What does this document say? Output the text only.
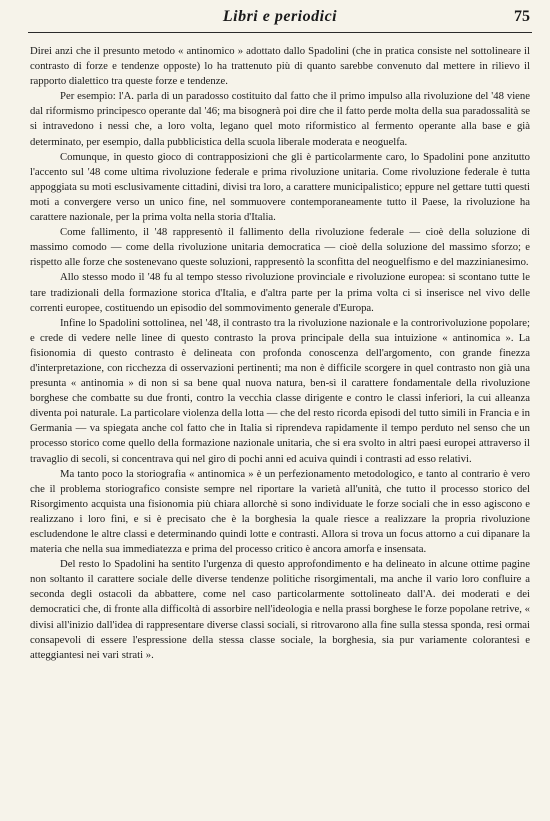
Libri e periodici	75

Direi anzi che il presunto metodo « antinomico » adottato dallo Spadolini (che in pratica consiste nel sottolineare il contrasto di forze e tendenze opposte) lo ha trattenuto più di quanto sarebbe convenuto dal mettere in rilievo il rapporto dialettico tra queste forze e tendenze.

Per esempio: l'A. parla di un paradosso costituito dal fatto che il primo impulso alla rivoluzione del '48 viene dal riformismo principesco operante dal '46; ma bisognerà poi dire che il fatto perde molta della sua paradossalità se si intravedono i nessi che, a loro volta, legano quel moto riformistico al fermento operante alla base e già determinato, per esempio, dalla pubblicistica della scuola liberale moderata e neoguelfa.

Comunque, in questo gioco di contrapposizioni che gli è particolarmente caro, lo Spadolini pone anzitutto l'accento sul '48 come ultima rivoluzione federale e prima rivoluzione unitaria. Come rivoluzione federale è tutta appoggiata su moti esclusivamente cittadini, divisi tra loro, a carattere municipalistico; eppure nel gettare tutti questi moti a convergere verso un unico fine, nel sommuovere contemporaneamente tutto il Paese, la rivoluzione ha carattere nazionale, per la prima volta nella storia d'Italia.

Come fallimento, il '48 rappresentò il fallimento della rivoluzione federale — cioè della soluzione di massimo comodo — come della rivoluzione unitaria democratica — cioè della soluzione del massimo sforzo; e rispetto alle forze che sostenevano queste soluzioni, rappresentò la sconfitta del neoguelfismo e del mazzinianesimo.

Allo stesso modo il '48 fu al tempo stesso rivoluzione provinciale e rivoluzione europea: si scontano tutte le tare tradizionali della formazione storica d'Italia, e d'altra parte per la prima volta ci si inserisce nel vivo delle correnti europee, costituendo un episodio del sommovimento generale d'Europa.

Infine lo Spadolini sottolinea, nel '48, il contrasto tra la rivoluzione nazionale e la controrivoluzione popolare; e crede di vedere nelle linee di questo contrasto la prova principale della sua intuizione « antinomica ». La fisionomia di questo contrasto è delineata con profonda conoscenza dell'argomento, con grande finezza d'interpretazione, con ricchezza di osservazioni pertinenti; ma non è difficile scorgere in quel contrasto non già una presunta « antinomia » di non si sa bene qual nuova natura, ben-sì il carattere fondamentale della rivoluzione borghese che combatte su due fronti, contro la vecchia classe dirigente e contro le classi inferiori, la cui alleanza diventa poi naturale. La particolare violenza della lotta — che del resto ricorda episodi del tutto simili in Francia e in Germania — va spiegata anche col fatto che in Italia si riprendeva rapidamente il tempo perduto nel senso che un processo storico come quello della formazione nazionale unitaria, che si era svolto in altri paesi europei attraverso il travaglio di secoli, si concentrava qui nel giro di pochi anni ed acuiva quindi i contrasti ad esso relativi.

Ma tanto poco la storiografia « antinomica » è un perfezionamento metodologico, e tanto al contrario è vero che il problema storiografico consiste sempre nel riportare la varietà all'unità, che tutto il processo storico del Risorgimento acquista una fisionomia più chiara allorchè si sono individuate le forze sociali che in esso agiscono e realizzano i loro fini, e si è precisato che è la borghesia la quale riesce a realizzare la propria rivoluzione escludendone le altre classi e determinando quindi lotte e contrasti. Allora si trova un focus attorno a cui dipanare la materia che nella sua immediatezza e prima del processo critico è ancora amorfa e insensata.

Del resto lo Spadolini ha sentito l'urgenza di questo approfondimento e ha delineato in alcune ottime pagine non soltanto il carattere sociale delle diverse tendenze politiche risorgimentali, ma anche il vario loro confluire a seconda degli ostacoli da abbattere, come nel caso particolarmente sottolineato dall'A. dei moderati e dei democratici che, di fronte alla difficoltà di assorbire nell'ideologia e nella prassi borghese le forze popolane retrive, « divisi all'inizio dall'idea di rappresentare diverse classi sociali, si ritrovarono alla fine sulla stessa sponda, resi ormai consapevoli di essere l'espressione della stessa classe sociale, la borghesia, sia pur variamente colorantesi e atteggiantesi nei vari strati ».
